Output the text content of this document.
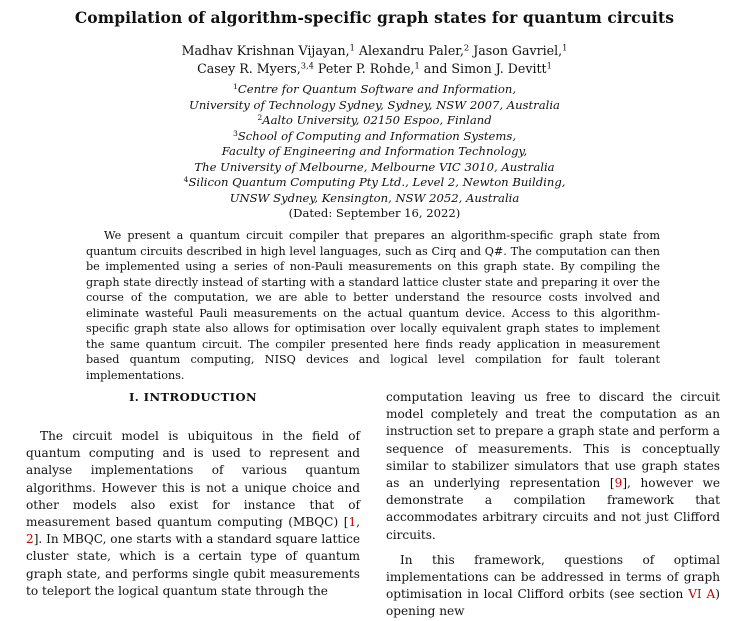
Compilation of algorithm-specific graph states for quantum circuits
Madhav Krishnan Vijayan,$^1$ Alexandru Paler,$^2$ Jason Gavriel,$^1$
Casey R. Myers,$^{3,4}$ Peter P. Rohde,$^1$ and Simon J. Devitt$^1$
$^1$Centre for Quantum Software and Information,
University of Technology Sydney, Sydney, NSW 2007, Australia
$^2$Aalto University, 02150 Espoo, Finland
$^3$School of Computing and Information Systems,
Faculty of Engineering and Information Technology,
The University of Melbourne, Melbourne VIC 3010, Australia
$^4$Silicon Quantum Computing Pty Ltd., Level 2, Newton Building,
UNSW Sydney, Kensington, NSW 2052, Australia
(Dated: September 16, 2022)

We present a quantum circuit compiler that prepares an algorithm-specific graph state from quantum circuits described in high level languages, such as Cirq and Q#. The computation can then be implemented using a series of non-Pauli measurements on this graph state. By compiling the graph state directly instead of starting with a standard lattice cluster state and preparing it over the course of the computation, we are able to better understand the resource costs involved and eliminate wasteful Pauli measurements on the actual quantum device. Access to this algorithm-specific graph state also allows for optimisation over locally equivalent graph states to implement the same quantum circuit. The compiler presented here finds ready application in measurement based quantum computing, NISQ devices and logical level compilation for fault tolerant implementations.

I. INTRODUCTION

The circuit model is ubiquitous in the field of quantum computing and is used to represent and analyse implementations of various quantum algorithms. However this is not a unique choice and other models also exist for instance that of measurement based quantum computing (MBQC) [1, 2]. In MBQC, one starts with a standard square lattice cluster state, which is a certain type of quantum graph state, and performs single qubit measurements to teleport the logical quantum state through the

computation leaving us free to discard the circuit model completely and treat the computation as an instruction set to prepare a graph state and perform a sequence of measurements. This is conceptually similar to stabilizer simulators that use graph states as an underlying representation [9], however we demonstrate a compilation framework that accommodates arbitrary circuits and not just Clifford circuits.

In this framework, questions of optimal implementations can be addressed in terms of graph optimisation in local Clifford orbits (see section VI A) opening new
